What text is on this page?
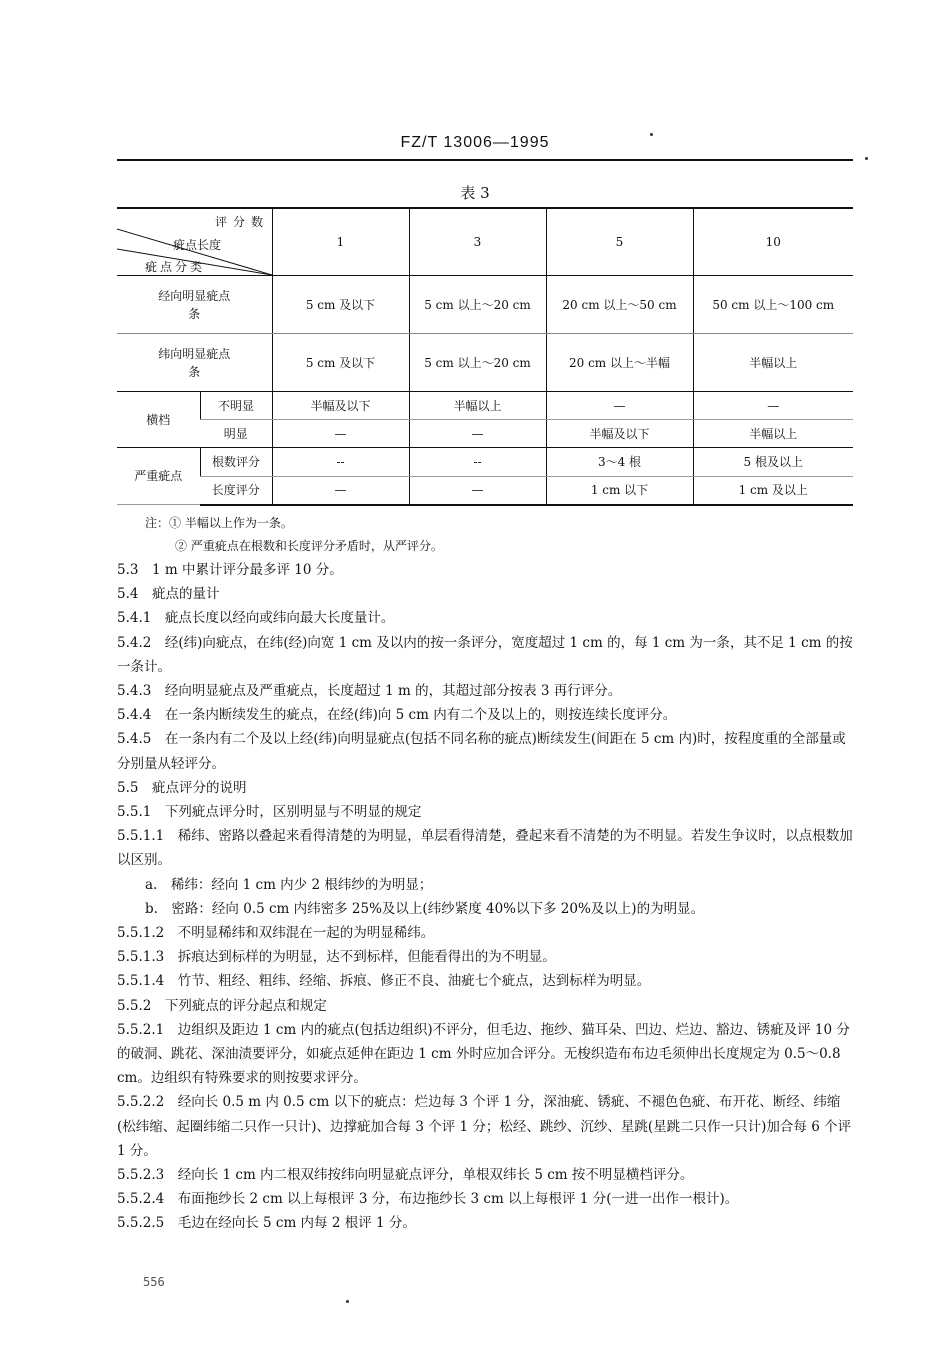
FZ/T 13006—1995
表 3
评分数
疵点长度
疵点分类		1	3	5	10
经向明显疵点
条		5 cm 及以下	5 cm 以上～20 cm	20 cm 以上～50 cm	50 cm 以上～100 cm
纬向明显疵点
条		5 cm 及以下	5 cm 以上～20 cm	20 cm 以上～半幅	半幅以上
横档	不明显	半幅及以下	半幅以上	—	—
	明显	—	—	半幅及以下	半幅以上
严重疵点	根数评分	--	--	3～4 根	5 根及以上
	长度评分	—	—	1 cm 以下	1 cm 及以上
注：① 半幅以上作为一条。
② 严重疵点在根数和长度评分矛盾时，从严评分。

5.3　1 m 中累计评分最多评 10 分。

5.4　疵点的量计

5.4.1　疵点长度以经向或纬向最大长度量计。

5.4.2　经(纬)向疵点，在纬(经)向宽 1 cm 及以内的按一条评分，宽度超过 1 cm 的，每 1 cm 为一条，其不足 1 cm 的按一条计。

5.4.3　经向明显疵点及严重疵点，长度超过 1 m 的，其超过部分按表 3 再行评分。

5.4.4　在一条内断续发生的疵点，在经(纬)向 5 cm 内有二个及以上的，则按连续长度评分。

5.4.5　在一条内有二个及以上经(纬)向明显疵点(包括不同名称的疵点)断续发生(间距在 5 cm 内)时，按程度重的全部量或分别量从轻评分。

5.5　疵点评分的说明

5.5.1　下列疵点评分时，区别明显与不明显的规定

5.5.1.1　稀纬、密路以叠起来看得清楚的为明显，单层看得清楚，叠起来看不清楚的为不明显。若发生争议时，以点根数加以区别。

a.　稀纬：经向 1 cm 内少 2 根纬纱的为明显；

b.　密路：经向 0.5 cm 内纬密多 25%及以上(纬纱紧度 40%以下多 20%及以上)的为明显。

5.5.1.2　不明显稀纬和双纬混在一起的为明显稀纬。

5.5.1.3　拆痕达到标样的为明显，达不到标样，但能看得出的为不明显。

5.5.1.4　竹节、粗经、粗纬、经缩、拆痕、修正不良、油疵七个疵点，达到标样为明显。

5.5.2　下列疵点的评分起点和规定

5.5.2.1　边组织及距边 1 cm 内的疵点(包括边组织)不评分，但毛边、拖纱、猫耳朵、凹边、烂边、豁边、锈疵及评 10 分的破洞、跳花、深油渍要评分，如疵点延伸在距边 1 cm 外时应加合评分。无梭织造布布边毛须伸出长度规定为 0.5～0.8 cm。边组织有特殊要求的则按要求评分。

5.5.2.2　经向长 0.5 m 内 0.5 cm 以下的疵点：烂边每 3 个评 1 分，深油疵、锈疵、不褪色色疵、布开花、断经、纬缩(松纬缩、起圈纬缩二只作一只计)、边撑疵加合每 3 个评 1 分；松经、跳纱、沉纱、星跳(星跳二只作一只计)加合每 6 个评 1 分。

5.5.2.3　经向长 1 cm 内二根双纬按纬向明显疵点评分，单根双纬长 5 cm 按不明显横档评分。

5.5.2.4　布面拖纱长 2 cm 以上每根评 3 分，布边拖纱长 3 cm 以上每根评 1 分(一进一出作一根计)。

5.5.2.5　毛边在经向长 5 cm 内每 2 根评 1 分。

556
